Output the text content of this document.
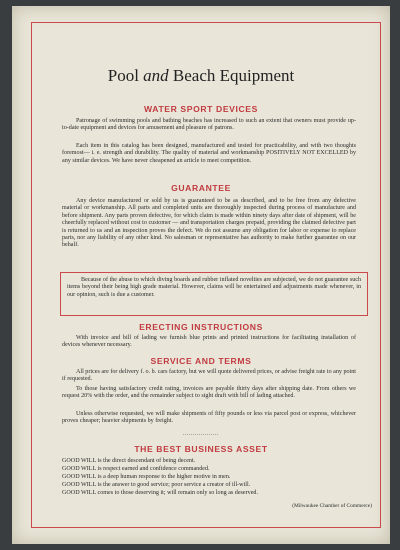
Pool and Beach Equipment
WATER SPORT DEVICES

Patronage of swimming pools and bathing beaches has increased to such an extent that owners must provide up-to-date equipment and devices for amusement and pleasure of patrons.

Each item in this catalog has been designed, manufactured and tested for practicability, and with two thoughts foremost— i. e. strength and durability. The quality of material and workmanship POSITIVELY NOT EXCELLED by any similar devices. We have never cheapened an article to meet competition.

GUARANTEE

Any device manufactured or sold by us is guaranteed to be as described, and to be free from any defective material or workmanship. All parts and completed units are thoroughly inspected during process of manufacture and before shipment. Any parts proven defective, for which claim is made within ninety days after date of shipment, will be cheerfully replaced without cost to customer — and transportation charges prepaid, providing the claimed defective part is returned to us and an inspection proves the defect. We do not assume any obligation for labor or expense to replace parts, nor any liability of any other kind. No salesman or representative has authority to make further guarantee on our behalf.

Because of the abuse to which diving boards and rubber inflated novelties are subjected, we do not guarantee such items beyond their being high grade material. However, claims will be entertained and adjustments made whenever, in our opinion, such is due a customer.

ERECTING INSTRUCTIONS

With invoice and bill of lading we furnish blue prints and printed instructions for facilitating installation of devices whenever necessary.

SERVICE AND TERMS

All prices are for delivery f. o. b. cars factory, but we will quote delivered prices, or advise freight rate to any point if requested.

To those having satisfactory credit rating, invoices are payable thirty days after shipping date. From others we request 20% with the order, and the remainder subject to sight draft with bill of lading attached.

Unless otherwise requested, we will make shipments of fifty pounds or less via parcel post or express, whichever proves cheaper; heavier shipments by freight.

..................
THE BEST BUSINESS ASSET
GOOD WILL is the direct descendant of being decent.
GOOD WILL is respect earned and confidence commanded.
GOOD WILL is a deep human response to the higher motive in men.
GOOD WILL is the answer to good service; poor service a creator of ill-will.
GOOD WILL comes to those deserving it; will remain only so long as deserved.
(Milwaukee Chamber of Commerce)
